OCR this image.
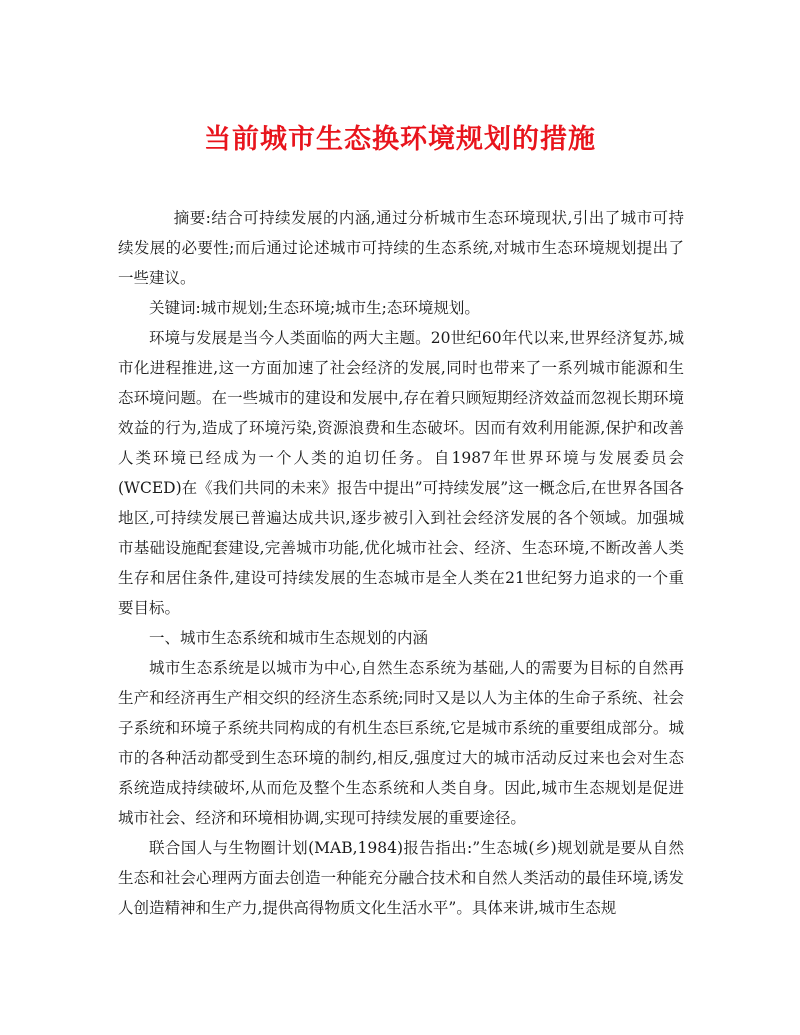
当前城市生态换环境规划的措施

摘要:结合可持续发展的内涵,通过分析城市生态环境现状,引出了城市可持续发展的必要性;而后通过论述城市可持续的生态系统,对城市生态环境规划提出了一些建议。

关键词:城市规划;生态环境;城市生;态环境规划。

环境与发展是当今人类面临的两大主题。20世纪60年代以来,世界经济复苏,城市化进程推进,这一方面加速了社会经济的发展,同时也带来了一系列城市能源和生态环境问题。在一些城市的建设和发展中,存在着只顾短期经济效益而忽视长期环境效益的行为,造成了环境污染,资源浪费和生态破坏。因而有效利用能源,保护和改善人类环境已经成为一个人类的迫切任务。自1987年世界环境与发展委员会(WCED)在《我们共同的未来》报告中提出”可持续发展”这一概念后,在世界各国各地区,可持续发展已普遍达成共识,逐步被引入到社会经济发展的各个领域。加强城市基础设施配套建设,完善城市功能,优化城市社会、经济、生态环境,不断改善人类生存和居住条件,建设可持续发展的生态城市是全人类在21世纪努力追求的一个重要目标。

一、城市生态系统和城市生态规划的内涵

城市生态系统是以城市为中心,自然生态系统为基础,人的需要为目标的自然再生产和经济再生产相交织的经济生态系统;同时又是以人为主体的生命子系统、社会子系统和环境子系统共同构成的有机生态巨系统,它是城市系统的重要组成部分。城市的各种活动都受到生态环境的制约,相反,强度过大的城市活动反过来也会对生态系统造成持续破坏,从而危及整个生态系统和人类自身。因此,城市生态规划是促进城市社会、经济和环境相协调,实现可持续发展的重要途径。

联合国人与生物圈计划(MAB,1984)报告指出:”生态城(乡)规划就是要从自然生态和社会心理两方面去创造一种能充分融合技术和自然人类活动的最佳环境,诱发人创造精神和生产力,提供高得物质文化生活水平”。具体来讲,城市生态规
